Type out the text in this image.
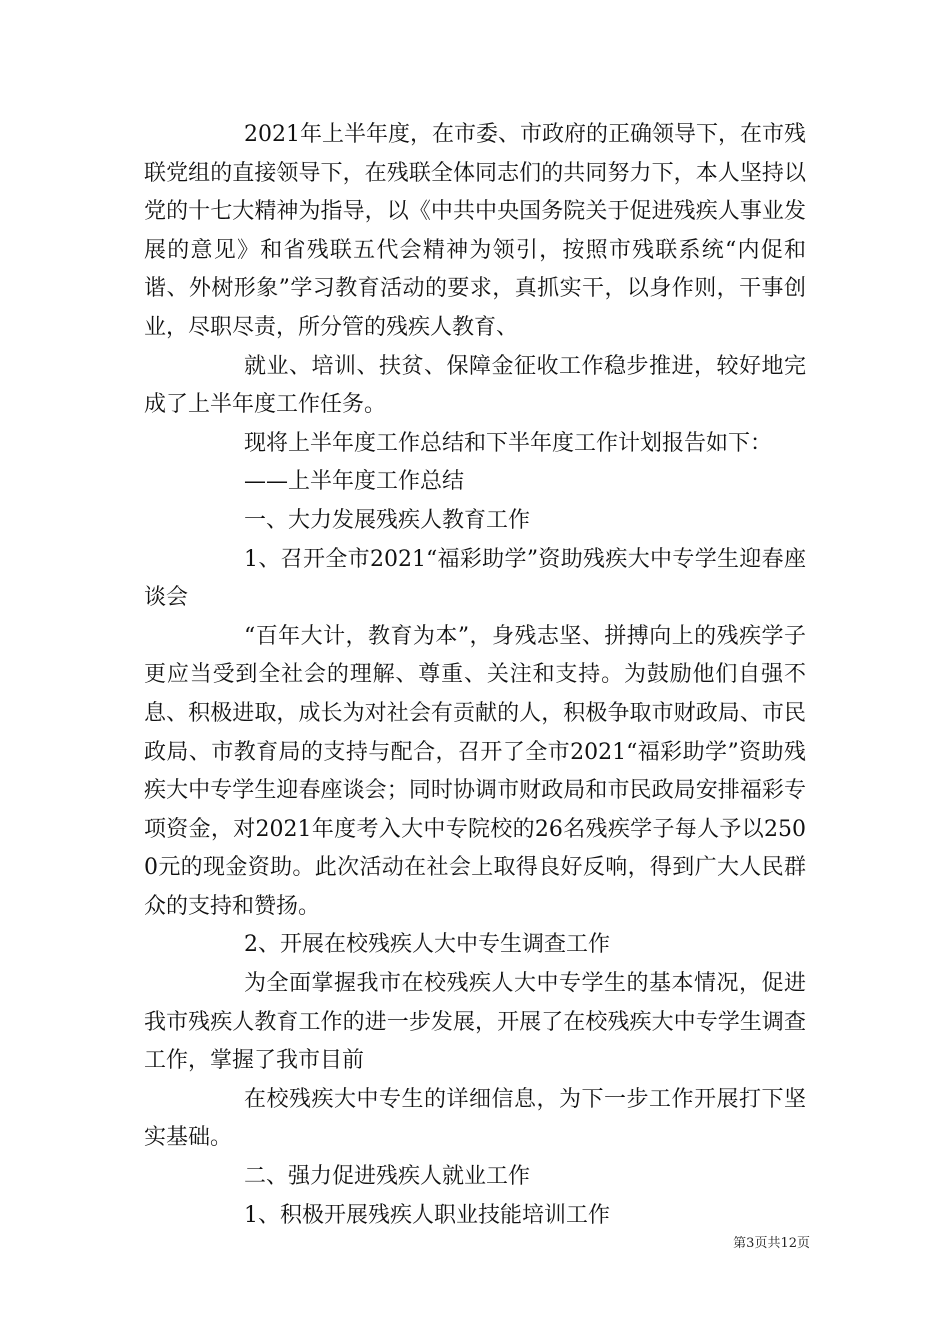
2021年上半年度，在市委、市政府的正确领导下，在市残联党组的直接领导下，在残联全体同志们的共同努力下，本人坚持以党的十七大精神为指导，以《中共中央国务院关于促进残疾人事业发展的意见》和省残联五代会精神为领引，按照市残联系统“内促和谐、外树形象”学习教育活动的要求，真抓实干，以身作则，干事创业，尽职尽责，所分管的残疾人教育、

就业、培训、扶贫、保障金征收工作稳步推进，较好地完成了上半年度工作任务。

现将上半年度工作总结和下半年度工作计划报告如下：

——上半年度工作总结

一、大力发展残疾人教育工作

1、召开全市2021“福彩助学”资助残疾大中专学生迎春座谈会

“百年大计，教育为本”，身残志坚、拼搏向上的残疾学子更应当受到全社会的理解、尊重、关注和支持。为鼓励他们自强不息、积极进取，成长为对社会有贡献的人，积极争取市财政局、市民政局、市教育局的支持与配合，召开了全市2021“福彩助学”资助残疾大中专学生迎春座谈会；同时协调市财政局和市民政局安排福彩专项资金，对2021年度考入大中专院校的26名残疾学子每人予以2500元的现金资助。此次活动在社会上取得良好反响，得到广大人民群众的支持和赞扬。

2、开展在校残疾人大中专生调查工作

为全面掌握我市在校残疾人大中专学生的基本情况，促进我市残疾人教育工作的进一步发展，开展了在校残疾大中专学生调查工作，掌握了我市目前

在校残疾大中专生的详细信息，为下一步工作开展打下坚实基础。

二、强力促进残疾人就业工作

1、积极开展残疾人职业技能培训工作

第3页共12页
